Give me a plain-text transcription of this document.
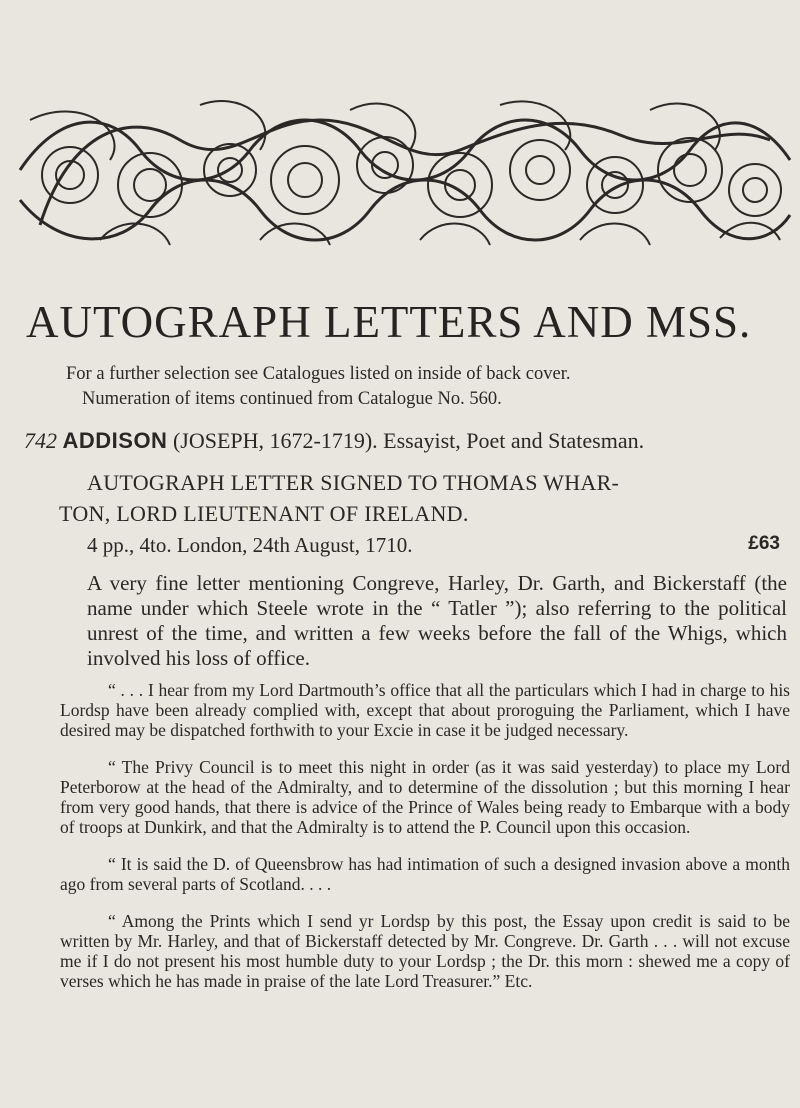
AUTOGRAPH LETTERS AND MSS.
For a further selection see Catalogues listed on inside of back cover.
Numeration of items continued from Catalogue No. 560.
742 ADDISON (JOSEPH, 1672-1719). Essayist, Poet and Statesman.
AUTOGRAPH LETTER SIGNED TO THOMAS WHAR-
TON, LORD LIEUTENANT OF IRELAND.
4 pp., 4to. London, 24th August, 1710.	£63
A very fine letter mentioning Congreve, Harley, Dr. Garth, and Bickerstaff (the name under which Steele wrote in the “ Tatler ”); also referring to the political unrest of the time, and written a few weeks before the fall of the Whigs, which involved his loss of office.

“ . . . I hear from my Lord Dartmouth’s office that all the particulars which I had in charge to his Lordsp have been already complied with, except that about proroguing the Parliament, which I have desired may be dispatched forthwith to your Excie in case it be judged necessary.

“ The Privy Council is to meet this night in order (as it was said yesterday) to place my Lord Peterborow at the head of the Admiralty, and to determine of the dissolution ; but this morning I hear from very good hands, that there is advice of the Prince of Wales being ready to Embarque with a body of troops at Dunkirk, and that the Admiralty is to attend the P. Council upon this occasion.

“ It is said the D. of Queensbrow has had intimation of such a designed invasion above a month ago from several parts of Scotland. . . .

“ Among the Prints which I send yr Lordsp by this post, the Essay upon credit is said to be written by Mr. Harley, and that of Bickerstaff detected by Mr. Congreve. Dr. Garth . . . will not excuse me if I do not present his most humble duty to your Lordsp ; the Dr. this morn : shewed me a copy of verses which he has made in praise of the late Lord Treasurer.” Etc.
